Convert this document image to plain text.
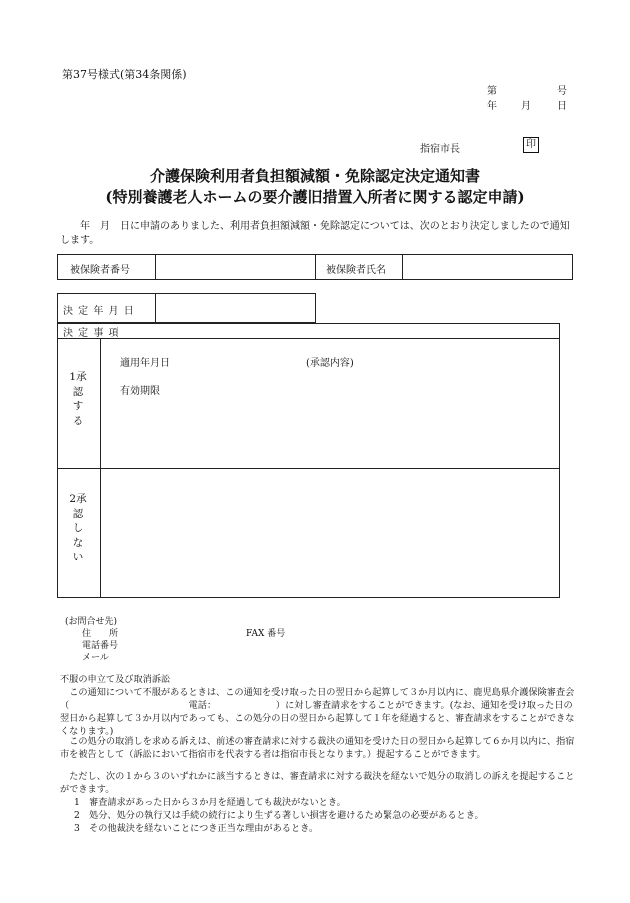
第37号様式(第34条関係)
第	号
年 月	日
指宿市長	印
介護保険利用者負担額減額・免除認定決定通知書
(特別養護老人ホームの要介護旧措置入所者に関する認定申請)
年　月　日に申請のありました、利用者負担額減額・免除認定については、次のとおり決定しましたので通知します。
被保険者番号	被保険者氏名
決 定 年 月 日
決 定 事 項
1承認する
適用年月日	(承認内容)
有効期限
2承認しない
(お問合せ先)
住　　所	FAX 番号
電話番号
メール
不服の申立て及び取消訴訟
この通知について不服があるときは、この通知を受け取った日の翌日から起算して３か月以内に、鹿児島県介護保険審査会（　　　　　　　　　　　　　電話：　　　　　　　）に対し審査請求をすることができます。(なお、通知を受け取った日の翌日から起算して３か月以内であっても、この処分の日の翌日から起算して１年を経過すると、審査請求をすることができなくなります。)
この処分の取消しを求める訴えは、前述の審査請求に対する裁決の通知を受けた日の翌日から起算して６か月以内に、指宿市を被告として（訴訟において指宿市を代表する者は指宿市長となります。）提起することができます。
ただし、次の１から３のいずれかに該当するときは、審査請求に対する裁決を経ないで処分の取消しの訴えを提起することができます。
1　審査請求があった日から３か月を経過しても裁決がないとき。
2　処分、処分の執行又は手続の続行により生ずる著しい損害を避けるため緊急の必要があるとき。
3　その他裁決を経ないことにつき正当な理由があるとき。
